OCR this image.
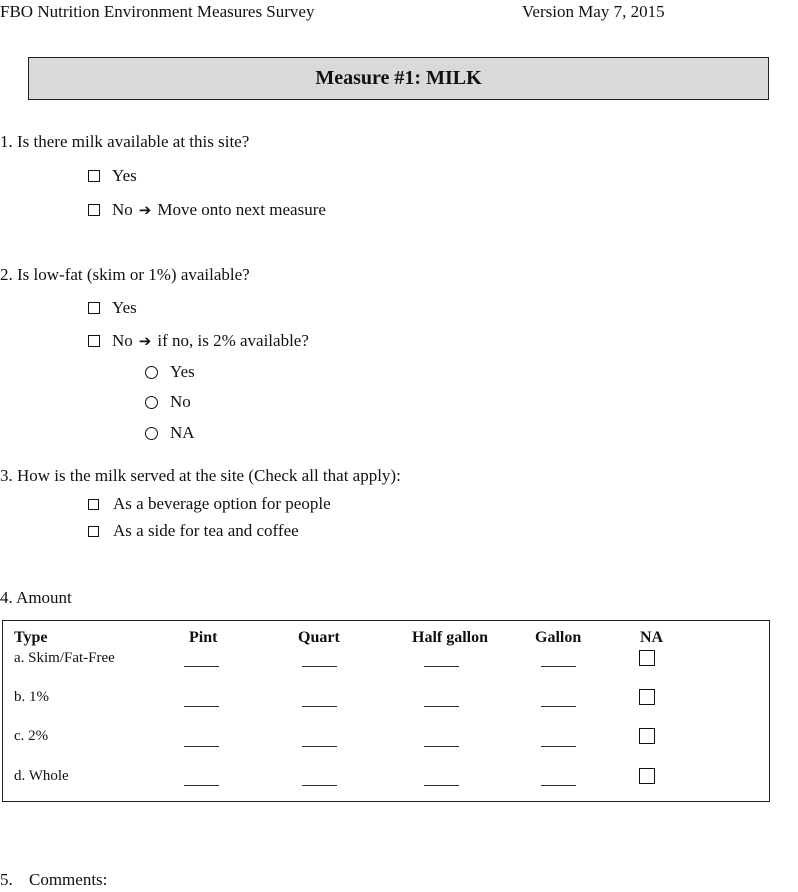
FBO Nutrition Environment Measures Survey	Version May 7, 2015
Measure #1: MILK
1. Is there milk available at this site?
Yes
No ➔ Move onto next measure
2. Is low-fat (skim or 1%) available?
Yes
No ➔ if no, is 2% available?
Yes
No
NA
3. How is the milk served at the site (Check all that apply):
As a beverage option for people
As a side for tea and coffee
4. Amount
Type	Pint	Quart	Half gallon	Gallon	NA
a. Skim/Fat-Free
b. 1%
c. 2%
d. Whole
5. Comments:
